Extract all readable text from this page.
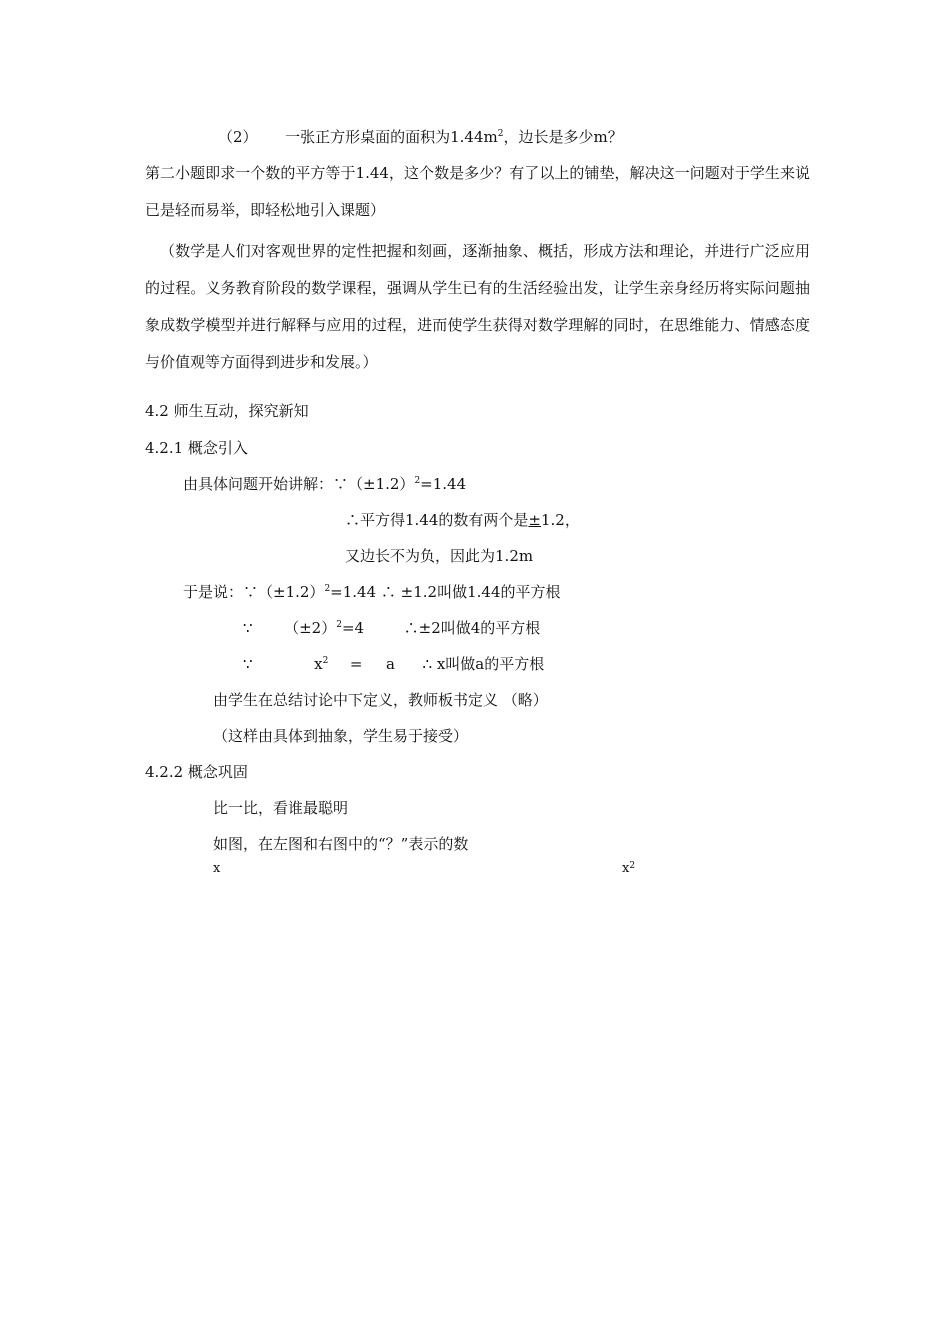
（2） 一张正方形桌面的面积为$1.44m^2$，边长是多少m？
第二小题即求一个数的平方等于1.44，这个数是多少？有了以上的铺垫，解决这一问题对于学生来说已是轻而易举，即轻松地引入课题）
（数学是人们对客观世界的定性把握和刻画，逐渐抽象、概括，形成方法和理论，并进行广泛应用的过程。义务教育阶段的数学课程，强调从学生已有的生活经验出发，让学生亲身经历将实际问题抽象成数学模型并进行解释与应用的过程，进而使学生获得对数学理解的同时，在思维能力、情感态度与价值观等方面得到进步和发展。）
4.2 师生互动，探究新知
4.2.1 概念引入
由具体问题开始讲解：$\because(\pm 1.2)^2=1.44$
∴平方得1.44的数有两个是±1.2，
又边长不为负，因此为1.2m
于是说：$\because(\pm 1.2)^2=1.44$ ∴ ±1.2叫做1.44的平方根
∵ $(\pm 2)^2=4$	∴±2叫做4的平方根
∵	$x^2 = a$ ∴ x叫做a的平方根
由学生在总结讨论中下定义，教师板书定义 （略）
（这样由具体到抽象，学生易于接受）
4.2.2 概念巩固
比一比，看谁最聪明
如图，在左图和右图中的“？”表示的数
x	$x^2$
